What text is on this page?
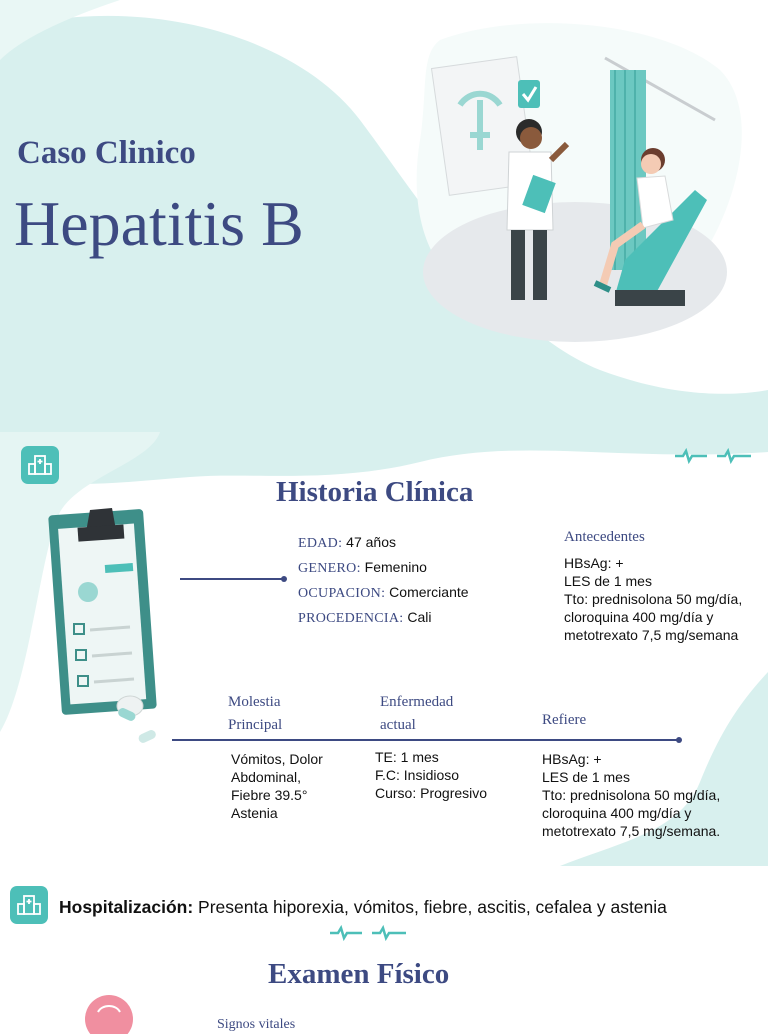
Caso Clinico
Hepatitis B
Historia Clínica
EDAD: 47 años
GENERO: Femenino
OCUPACION: Comerciante
PROCEDENCIA: Cali
Antecedentes
HBsAg: +
LES de 1 mes
Tto: prednisolona 50 mg/día,
cloroquina 400 mg/día y
metotrexato 7,5 mg/semana
Molestia
Principal
Enfermedad
actual	Refiere
Vómitos, Dolor
Abdominal,
Fiebre 39.5°
Astenia
TE: 1 mes
F.C: Insidioso
Curso: Progresivo
HBsAg: +
LES de 1 mes
Tto: prednisolona 50 mg/día,
cloroquina 400 mg/día y
metotrexato 7,5 mg/semana.
Hospitalización: Presenta hiporexia, vómitos, fiebre, ascitis, cefalea y astenia
Examen Físico
Signos vitales
